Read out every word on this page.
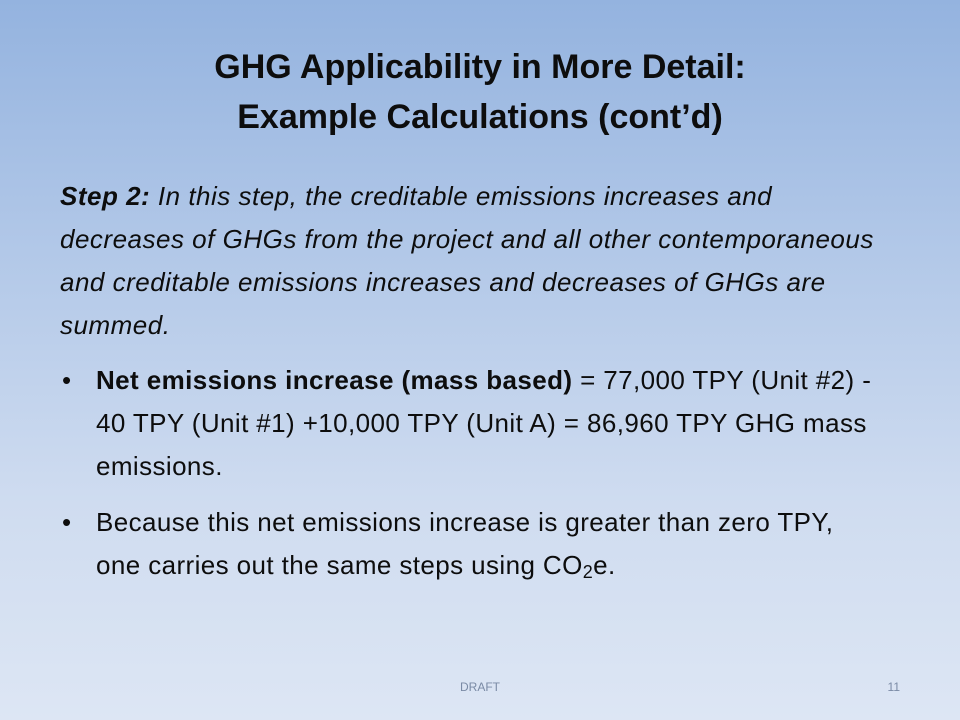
GHG Applicability in More Detail:
Example Calculations (cont’d)

Step 2: In this step, the creditable emissions increases and decreases of GHGs from the project and all other contemporaneous and creditable emissions increases and decreases of GHGs are summed.

• Net emissions increase (mass based) = 77,000 TPY (Unit #2) - 40 TPY (Unit #1) +10,000 TPY (Unit A) = 86,960 TPY GHG mass emissions.
• Because this net emissions increase is greater than zero TPY, one carries out the same steps using $CO_2e$.
DRAFT	11
